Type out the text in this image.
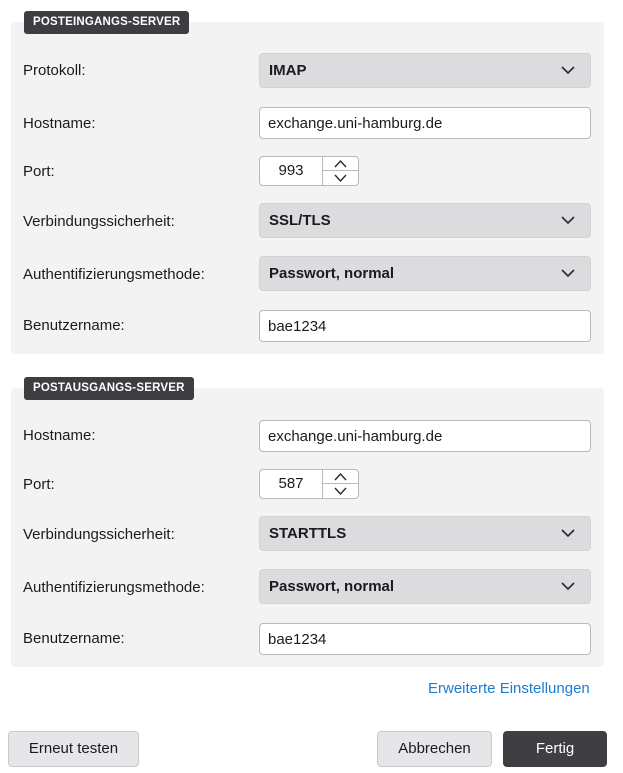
POSTEINGANGS-SERVER
Protokoll:	IMAP
Hostname:
exchange.uni-hamburg.de
Port:	993
Verbindungssicherheit:	SSL/TLS
Authentifizierungsmethode:	Passwort, normal
Benutzername:
bae1234
POSTAUSGANGS-SERVER
Hostname:
exchange.uni-hamburg.de
Port:	587
Verbindungssicherheit:	STARTTLS
Authentifizierungsmethode:	Passwort, normal
Benutzername:
bae1234
Erweiterte Einstellungen
Erneut testen	Abbrechen	Fertig
